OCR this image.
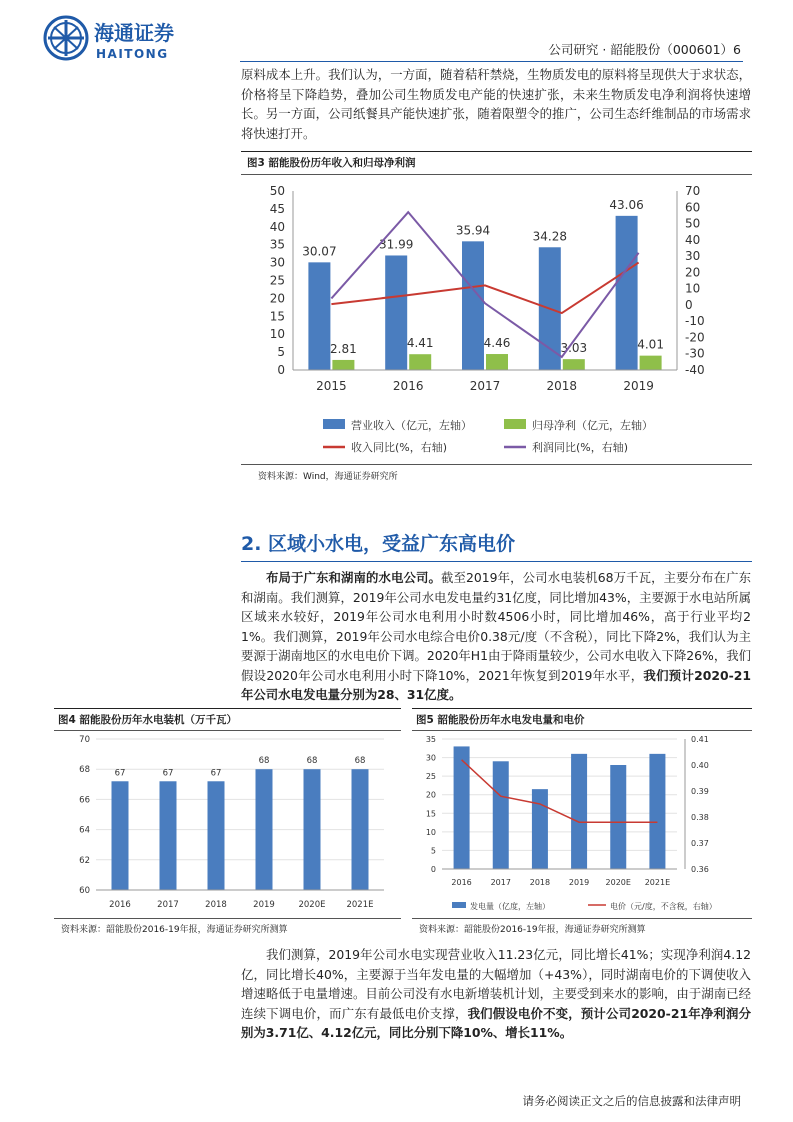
海通证券
HAITONG	公司研究 · 韶能股份（000601）6
原料成本上升。我们认为，一方面，随着秸秆禁烧，生物质发电的原料将呈现供大于求状态，价格将呈下降趋势，叠加公司生物质发电产能的快速扩张，未来生物质发电净利润将快速增长。另一方面，公司纸餐具产能快速扩张，随着限塑令的推广，公司生态纤维制品的市场需求将快速打开。
图3 韶能股份历年收入和归母净利润
30.07
2.81
31.99
4.41
35.94
4.46
34.28
3.03
43.06
4.01
0
5
10
15
20
25
30
35
40
45
50
-40
-30
-20
-10
0
10
20
30
40
50
60
70
2015	2016	2017	2018	2019
营业收入（亿元，左轴）	归母净利（亿元，左轴）
收入同比(%，右轴)	利润同比(%，右轴)
资料来源：Wind，海通证券研究所
2. 区域小水电，受益广东高电价
布局于广东和湖南的水电公司。截至2019年，公司水电装机68万千瓦，主要分布在广东和湖南。我们测算，2019年公司水电发电量约31亿度，同比增加43%，主要源于水电站所属区域来水较好，2019年公司水电利用小时数4506小时，同比增加46%，高于行业平均21%。我们测算，2019年公司水电综合电价0.38元/度（不含税），同比下降2%，我们认为主要源于湖南地区的水电电价下调。2020年H1由于降雨量较少，公司水电收入下降26%，我们假设2020年公司水电利用小时下降10%，2021年恢复到2019年水平，我们预计2020-21年公司水电发电量分别为28、31亿度。
图4 韶能股份历年水电装机（万千瓦）
67	67	67
68	68	68
60
62
64
66
68
70
2016	2017	2018	2019	2020E 2021E
资料来源：韶能股份2016-19年报，海通证券研究所测算
图5 韶能股份历年水电发电量和电价
0
5
10
15
20
25
30
35
0.36
0.37
0.38
0.39
0.40
0.41
2016 2017 2018 2019 2020E 2021E
发电量（亿度，左轴）	电价（元/度，不含税，右轴）
资料来源：韶能股份2016-19年报，海通证券研究所测算
我们测算，2019年公司水电实现营业收入11.23亿元，同比增长41%；实现净利润4.12亿，同比增长40%，主要源于当年发电量的大幅增加（+43%），同时湖南电价的下调使收入增速略低于电量增速。目前公司没有水电新增装机计划，主要受到来水的影响，由于湖南已经连续下调电价，而广东有最低电价支撑，我们假设电价不变，预计公司2020-21年净利润分别为3.71亿、4.12亿元，同比分别下降10%、增长11%。
请务必阅读正文之后的信息披露和法律声明
